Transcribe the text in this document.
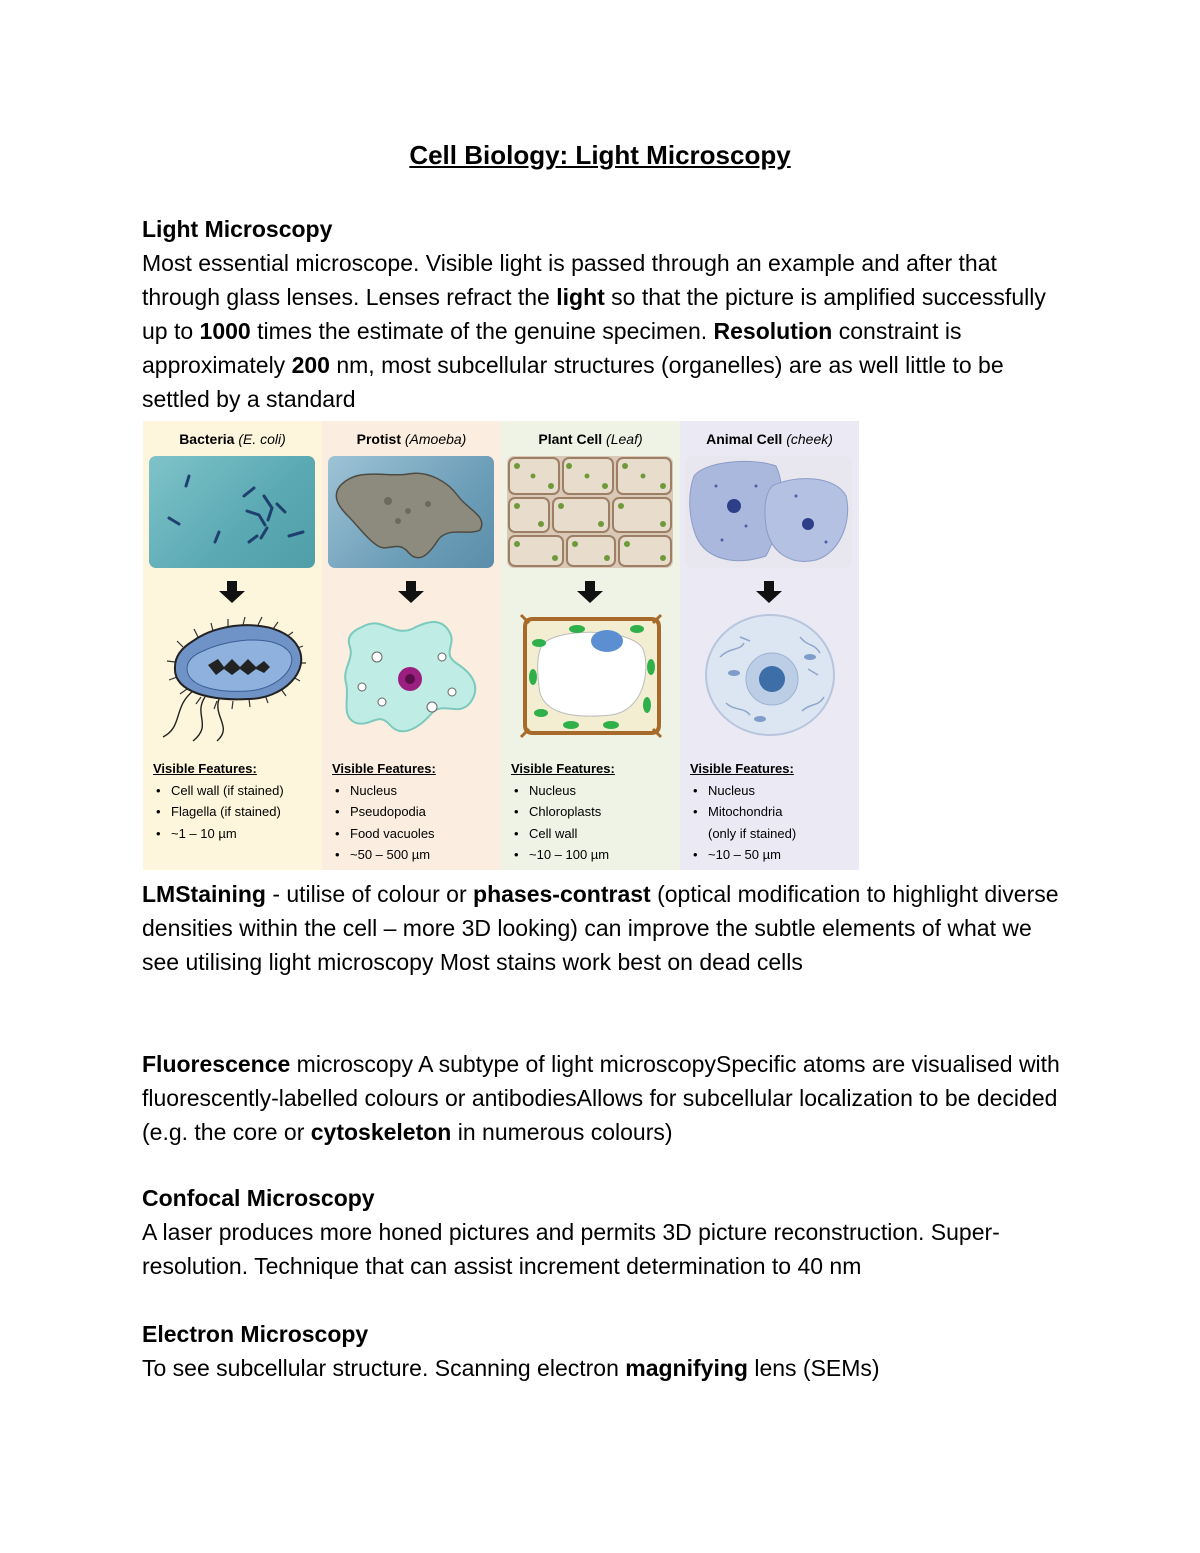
Cell Biology: Light Microscopy

Light Microscopy

Most essential microscope. Visible light is passed through an example and after that through glass lenses. Lenses refract the light so that the picture is amplified successfully up to 1000 times the estimate of the genuine specimen. Resolution constraint is approximately 200 nm, most subcellular structures (organelles) are as well little to be settled by a standard

Bacteria (E. coli)
Visible Features:
• Cell wall (if stained)
• Flagella (if stained)
• ~1 – 10 µm
Protist (Amoeba)
Visible Features:
• Nucleus
• Pseudopodia
• Food vacuoles
• ~50 – 500 µm
Plant Cell (Leaf)
Visible Features:
• Nucleus
• Chloroplasts
• Cell wall
• ~10 – 100 µm
Animal Cell (cheek)
Visible Features:
• Nucleus
• Mitochondria
(only if stained)
• ~10 – 50 µm

LMStaining - utilise of colour or phases-contrast (optical modification to highlight diverse densities within the cell – more 3D looking) can improve the subtle elements of what we see utilising light microscopy Most stains work best on dead cells

Fluorescence microscopy A subtype of light microscopySpecific atoms are visualised with fluorescently-labelled colours or antibodiesAllows for subcellular localization to be decided (e.g. the core or cytoskeleton in numerous colours)

Confocal Microscopy

A laser produces more honed pictures and permits 3D picture reconstruction. Super- resolution. Technique that can assist increment determination to 40 nm

Electron Microscopy

To see subcellular structure. Scanning electron magnifying lens (SEMs)
